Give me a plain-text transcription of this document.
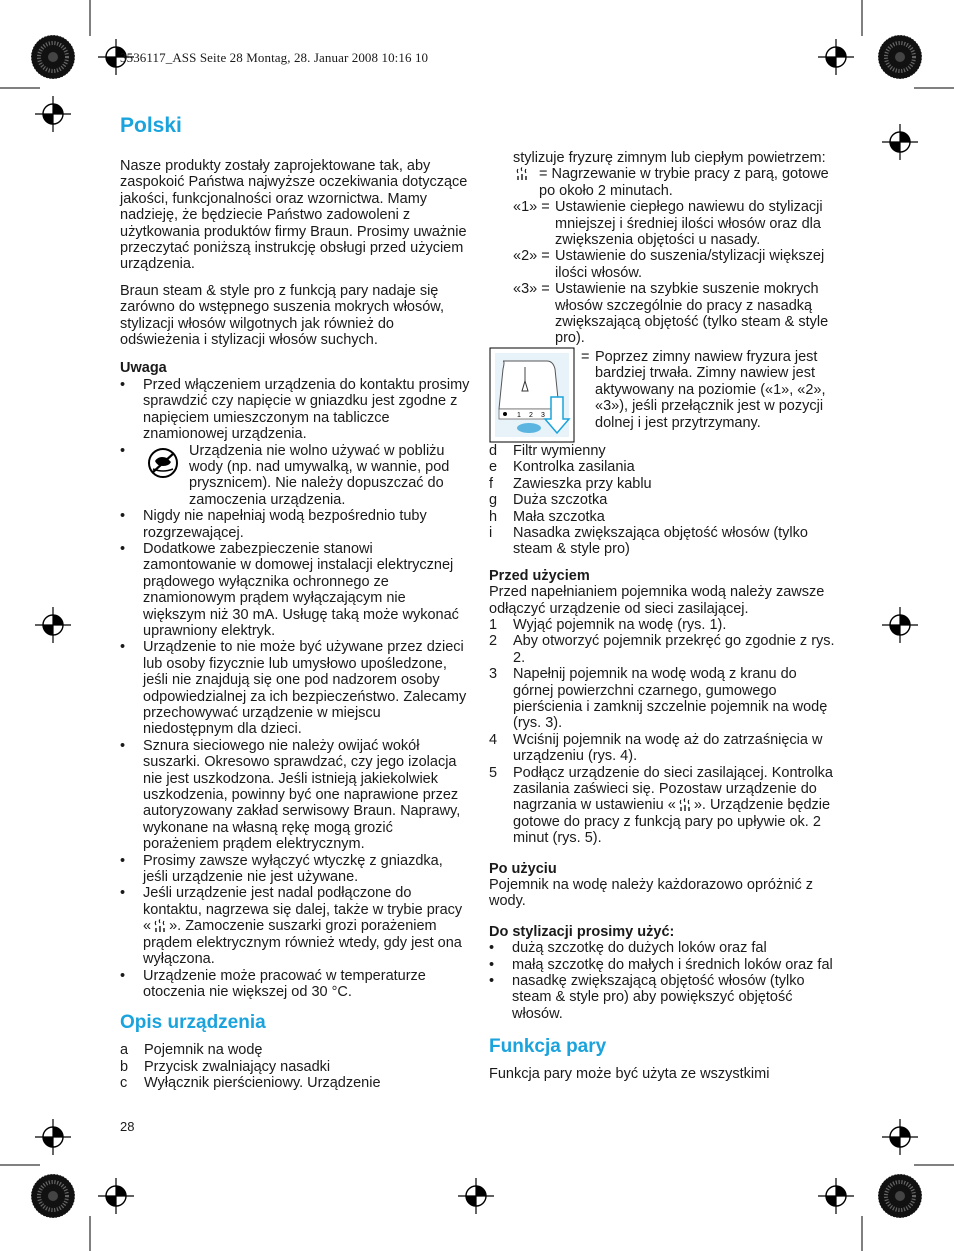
3536117_ASS Seite 28 Montag, 28. Januar 2008 10:16 10
Polski

Nasze produkty zostały zaprojektowane tak, aby zaspokoić Państwa najwyższe oczekiwania dotyczące jakości, funkcjonalności oraz wzornictwa. Mamy nadzieję, że będziecie Państwo zadowoleni z użytkowania produktów firmy Braun. Prosimy uważnie przeczytać poniższą instrukcję obsługi przed użyciem urządzenia.

Braun steam & style pro z funkcją pary nadaje się zarówno do wstępnego suszenia mokrych włosów, stylizacji włosów wilgotnych jak również do odświeżenia i stylizacji włosów suchych.

Uwaga
• Przed włączeniem urządzenia do kontaktu prosimy sprawdzić czy napięcie w gniazdku jest zgodne z napięciem umieszczonym na tabliczce znamionowej urządzenia.
• Urządzenia nie wolno używać w pobliżu wody (np. nad umywalką, w wannie, pod prysznicem). Nie należy dopuszczać do zamoczenia urządzenia.
• Nigdy nie napełniaj wodą bezpośrednio tuby rozgrzewającej.
• Dodatkowe zabezpieczenie stanowi zamontowanie w domowej instalacji elektrycznej prądowego wyłącznika ochronnego ze znamionowym prądem wyłączającym nie większym niż 30 mA. Usługę taką może wykonać uprawniony elektryk.
• Urządzenie to nie może być używane przez dzieci lub osoby fizycznie lub umysłowo upośledzone, jeśli nie znajdują się one pod nadzorem osoby odpowiedzialnej za ich bezpieczeństwo. Zalecamy przechowywać urządzenie w miejscu niedostępnym dla dzieci.
• Sznura sieciowego nie należy owijać wokół suszarki. Okresowo sprawdzać, czy jego izolacja nie jest uszkodzona. Jeśli istnieją jakiekolwiek uszkodzenia, powinny być one naprawione przez autoryzowany zakład serwisowy Braun. Naprawy, wykonane na własną rękę mogą grozić porażeniem prądem elektrycznym.
• Prosimy zawsze wyłączyć wtyczkę z gniazdka, jeśli urządzenie nie jest używane.
• Jeśli urządzenie jest nadal podłączone do kontaktu, nagrzewa się dalej, także w trybie pracy « ». Zamoczenie suszarki grozi porażeniem prądem elektrycznym również wtedy, gdy jest ona wyłączona.
• Urządzenie może pracować w temperaturze otoczenia nie większej od 30 °C.
Opis urządzenia
a	Pojemnik na wodę
b	Przycisk zwalniający nasadki
c	Wyłącznik pierścieniowy. Urządzenie
28
stylizuje fryzurę zimnym lub ciepłym powietrzem:
= Nagrzewanie w trybie pracy z parą, gotowe po około 2 minutach.
«1» = Ustawienie ciepłego nawiewu do stylizacji mniejszej i średniej ilości włosów oraz dla zwiększenia objętości u nasady.
«2» = Ustawienie do suszenia/stylizacji większej ilości włosów.
«3» = Ustawienie na szybkie suszenie mokrych włosów szczególnie do pracy z nasadką zwiększającą objętość (tylko steam & style pro).
1 2 3
= Poprzez zimny nawiew fryzura jest bardziej trwała. Zimny nawiew jest aktywowany na poziomie («1», «2», «3»), jeśli przełącznik jest w pozycji dolnej i jest przytrzymany.
d	Filtr wymienny
e	Kontrolka zasilania
f	Zawieszka przy kablu
g	Duża szczotka
h	Mała szczotka
i	Nasadka zwiększająca objętość włosów (tylko steam & style pro)
Przed użyciem
Przed napełnianiem pojemnika wodą należy zawsze odłączyć urządzenie od sieci zasilającej.
1	Wyjąć pojemnik na wodę (rys. 1).
2	Aby otworzyć pojemnik przekręć go zgodnie z rys. 2.
3	Napełnij pojemnik na wodę wodą z kranu do górnej powierzchni czarnego, gumowego pierścienia i zamknij szczelnie pojemnik na wodę (rys. 3).
4	Wciśnij pojemnik na wodę aż do zatrzaśnięcia w urządzeniu (rys. 4).
5	Podłącz urządzenie do sieci zasilającej. Kontrolka zasilania zaświeci się. Pozostaw urządzenie do nagrzania w ustawieniu « ». Urządzenie będzie gotowe do pracy z funkcją pary po upływie ok. 2 minut (rys. 5).
Po użyciu
Pojemnik na wodę należy każdorazowo opróżnić z wody.
Do stylizacji prosimy użyć:
• dużą szczotkę do dużych loków oraz fal
• małą szczotkę do małych i średnich loków oraz fal
• nasadkę zwiększającą objętość włosów (tylko steam & style pro) aby powiększyć objętość włosów.
Funkcja pary
Funkcja pary może być użyta ze wszystkimi
